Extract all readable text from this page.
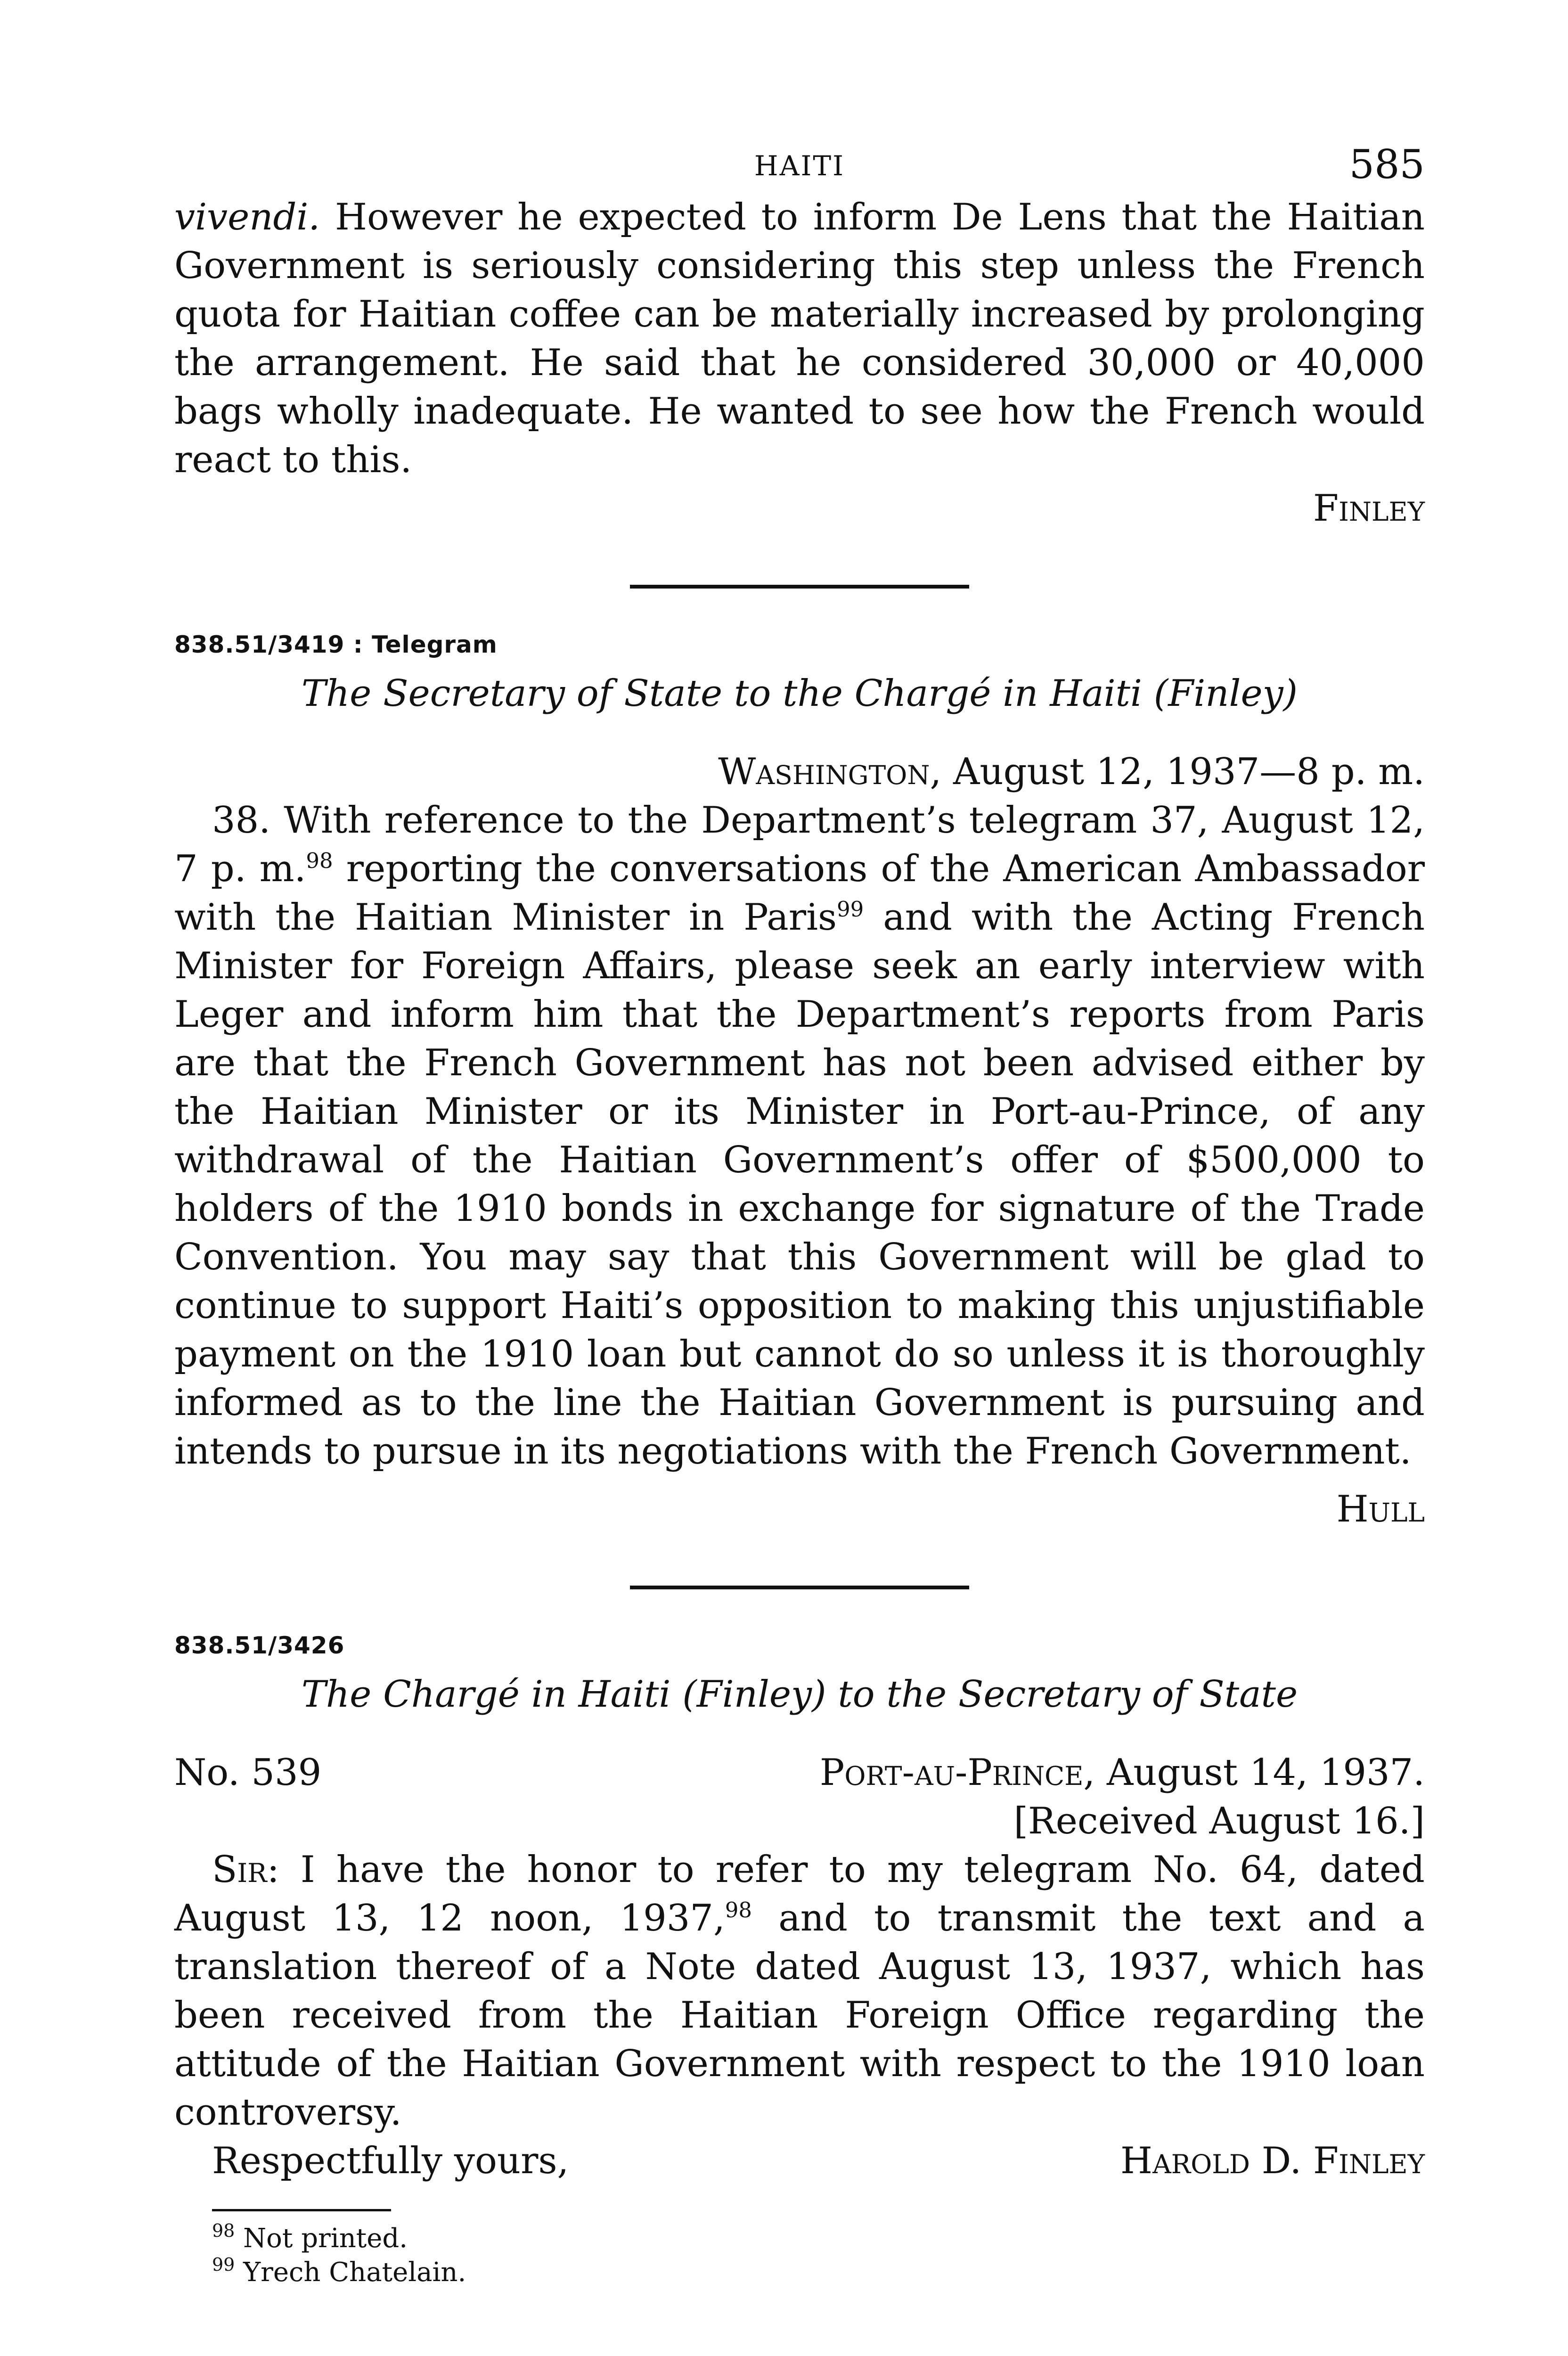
HAITI	585

vivendi. However he expected to inform De Lens that the Haitian Government is seriously considering this step unless the French quota for Haitian coffee can be materially increased by prolonging the arrangement. He said that he considered 30,000 or 40,000 bags wholly inadequate. He wanted to see how the French would react to this.

Finley
838.51/3419 : Telegram
The Secretary of State to the Chargé in Haiti (Finley)
Washington, August 12, 1937—8 p. m.

38. With reference to the Department’s telegram 37, August 12, 7 p. m.$^{98}$ reporting the conversations of the American Ambassador with the Haitian Minister in Paris$^{99}$ and with the Acting French Minister for Foreign Affairs, please seek an early interview with Leger and inform him that the Department’s reports from Paris are that the French Government has not been advised either by the Haitian Minister or its Minister in Port-au-Prince, of any withdrawal of the Haitian Government’s offer of $500,000 to holders of the 1910 bonds in exchange for signature of the Trade Convention. You may say that this Government will be glad to continue to support Haiti’s opposition to making this unjustifiable payment on the 1910 loan but cannot do so unless it is thoroughly informed as to the line the Haitian Government is pursuing and intends to pursue in its negotiations with the French Government.

Hull
838.51/3426
The Chargé in Haiti (Finley) to the Secretary of State
No. 539	Port-au-Prince, August 14, 1937.
[Received August 16.]

Sir: I have the honor to refer to my telegram No. 64, dated August 13, 12 noon, 1937,98 and to transmit the text and a translation thereof of a Note dated August 13, 1937, which has been received from the Haitian Foreign Office regarding the attitude of the Haitian Government with respect to the 1910 loan controversy.

Respectfully yours,	Harold D. Finley
$^{98}$ Not printed.
$^{99}$ Yrech Chatelain.
